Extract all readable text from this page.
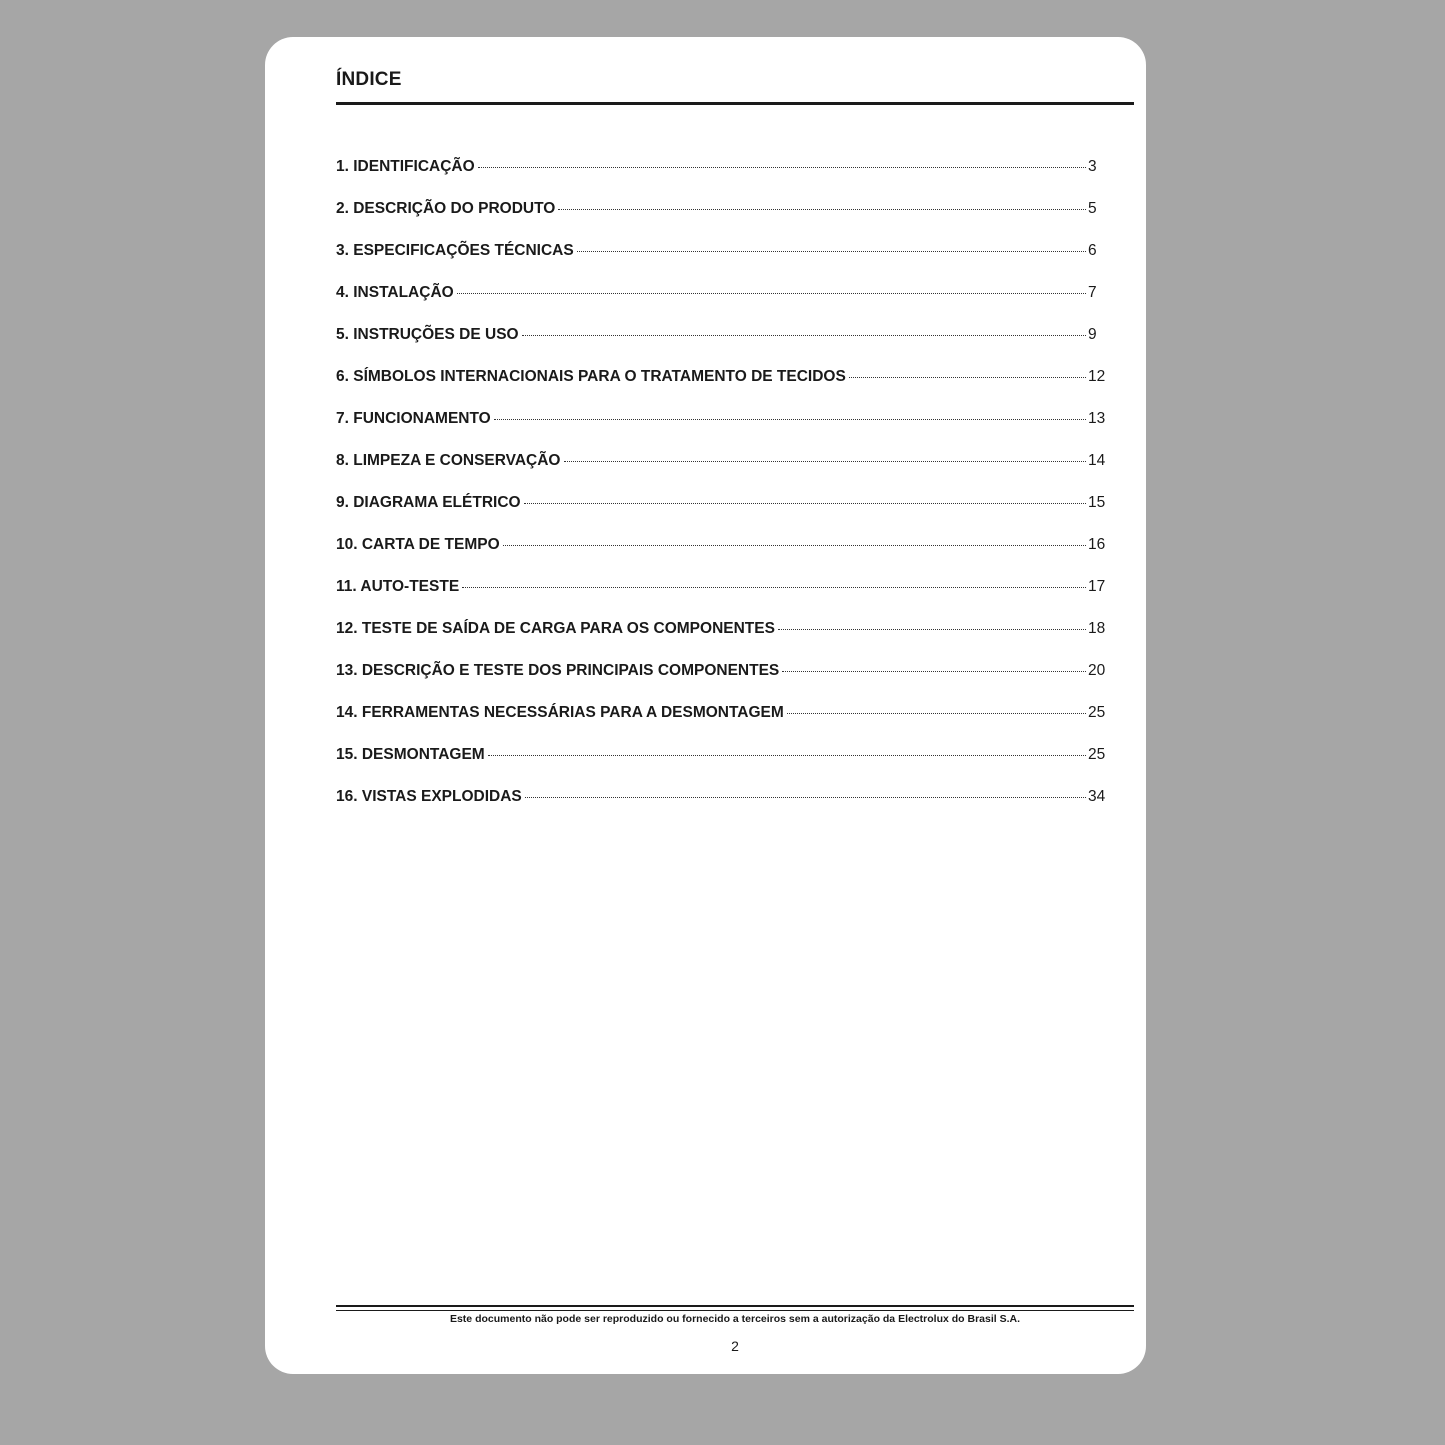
ÍNDICE
1. IDENTIFICAÇÃO	3
2. DESCRIÇÃO DO PRODUTO	5
3. ESPECIFICAÇÕES TÉCNICAS	6
4. INSTALAÇÃO	7
5. INSTRUÇÕES DE USO	9
6. SÍMBOLOS INTERNACIONAIS PARA O TRATAMENTO DE TECIDOS	12
7. FUNCIONAMENTO	13
8. LIMPEZA E CONSERVAÇÃO	14
9. DIAGRAMA ELÉTRICO	15
10. CARTA DE TEMPO	16
11. AUTO-TESTE	17
12. TESTE DE SAÍDA DE CARGA PARA OS COMPONENTES	18
13. DESCRIÇÃO E TESTE DOS PRINCIPAIS COMPONENTES	20
14. FERRAMENTAS NECESSÁRIAS PARA A DESMONTAGEM	25
15. DESMONTAGEM	25
16. VISTAS EXPLODIDAS	34
Este documento não pode ser reproduzido ou fornecido a terceiros sem a autorização da Electrolux do Brasil S.A.
2
